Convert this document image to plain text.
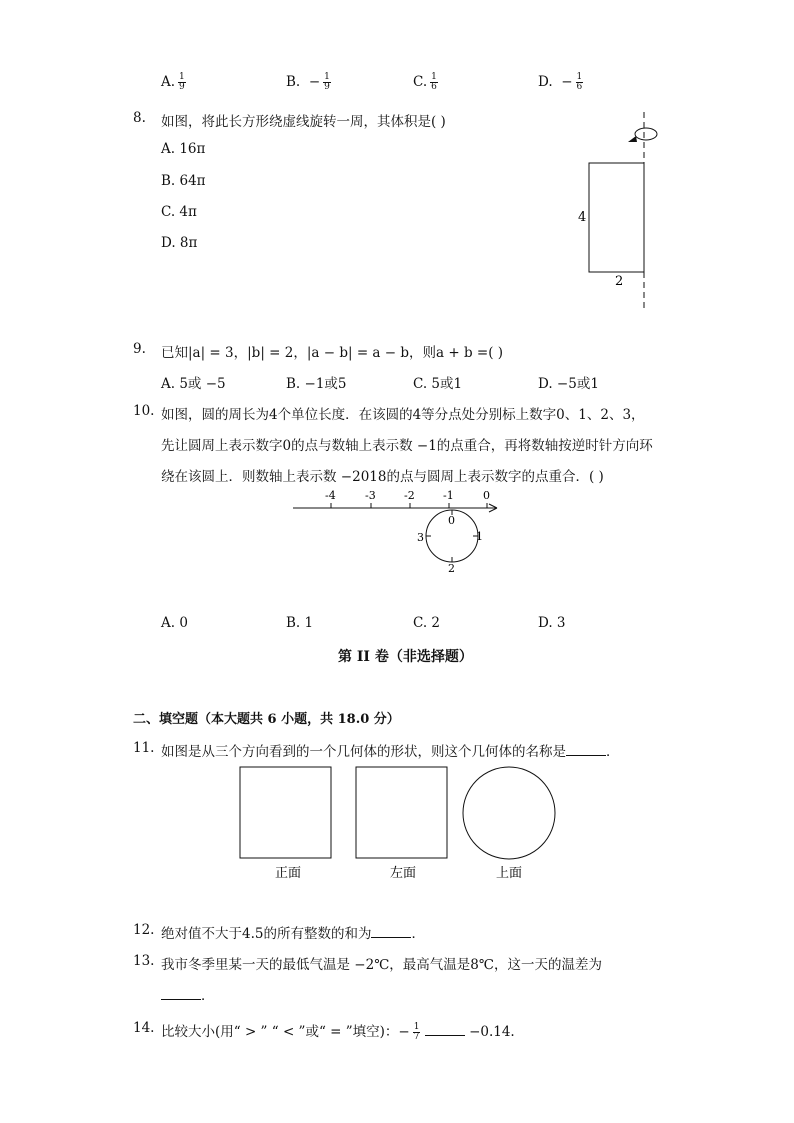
A. $\frac{1}{9}$	B. − $\frac{1}{9}$	C. $\frac{1}{6}$	D. − $\frac{1}{6}$
8. 如图，将此长方形绕虚线旋转一周，其体积是( )
A. 16π
B. 64π
C. 4π
D. 8π
4
2
9. 已知|a| = 3，|b| = 2，|a − b| = a − b，则a + b =( )
A. 5或 −5	B. −1或5	C. 5或1	D. −5或1
10. 如图，圆的周长为4个单位长度．在该圆的4等分点处分别标上数字0、1、2、3，
先让圆周上表示数字0的点与数轴上表示数 −1的点重合，再将数轴按逆时针方向环
绕在该圆上．则数轴上表示数 −2018的点与圆周上表示数字的点重合．( )
-4	-3	-2	-1	0
0
1
2
3
A. 0	B. 1	C. 2	D. 3
第 II 卷（非选择题）
二、填空题（本大题共 6 小题，共 18.0 分）
11. 如图是从三个方向看到的一个几何体的形状，则这个几何体的名称是	．
正面	左面	上面
12. 绝对值不大于4.5的所有整数的和为	．
13. 我市冬季里某一天的最低气温是 −2℃，最高气温是8℃，这一天的温差为
．
14. 比较大小(用“ > ” “ < ”或“ = ”填空)：− $\frac{1}{7}$	−0.14.
